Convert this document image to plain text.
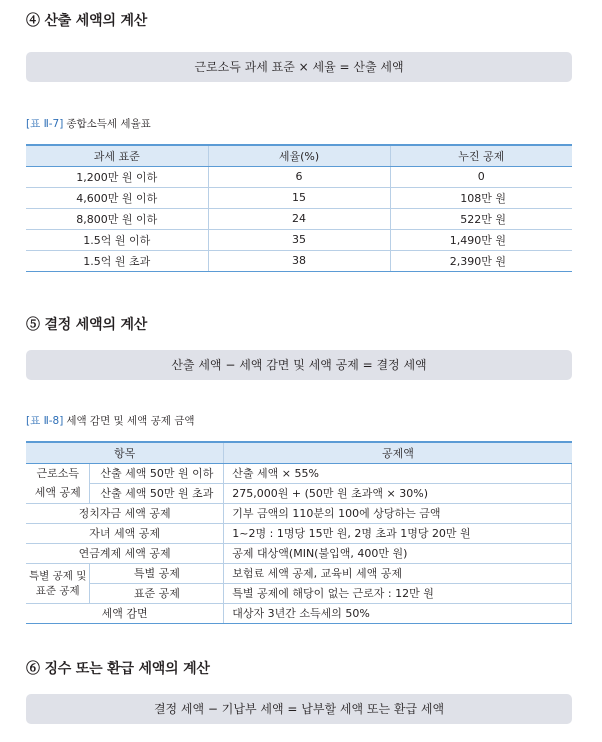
④ 산출 세액의 계산
근로소득 과세 표준 × 세율 = 산출 세액
[표 Ⅱ-7] 종합소득세 세율표
과세 표준	세율(%)	누진 공제
1,200만 원 이하	6	0
4,600만 원 이하	15	108만 원
8,800만 원 이하	24	522만 원
1.5억 원 이하	35	1,490만 원
1.5억 원 초과	38	2,390만 원
⑤ 결정 세액의 계산
산출 세액 − 세액 감면 및 세액 공제 = 결정 세액
[표 Ⅱ-8] 세액 감면 및 세액 공제 금액
항목		공제액
근로소득
세액 공제	산출 세액 50만 원 이하	산출 세액 × 55%
	산출 세액 50만 원 초과	275,000원 + (50만 원 초과액 × 30%)
정치자금 세액 공제		기부 금액의 110분의 100에 상당하는 금액
자녀 세액 공제		1~2명 : 1명당 15만 원, 2명 초과 1명당 20만 원
연금계제 세액 공제		공제 대상액(MIN(불입액, 400만 원)
특별 공제 및 표준 공제	특별 공제	보험료 세액 공제, 교육비 세액 공제
	표준 공제	특별 공제에 해당이 없는 근로자 : 12만 원
세액 감면		대상자 3년간 소득세의 50%
⑥ 징수 또는 환급 세액의 계산
결정 세액 − 기납부 세액 = 납부할 세액 또는 환급 세액
